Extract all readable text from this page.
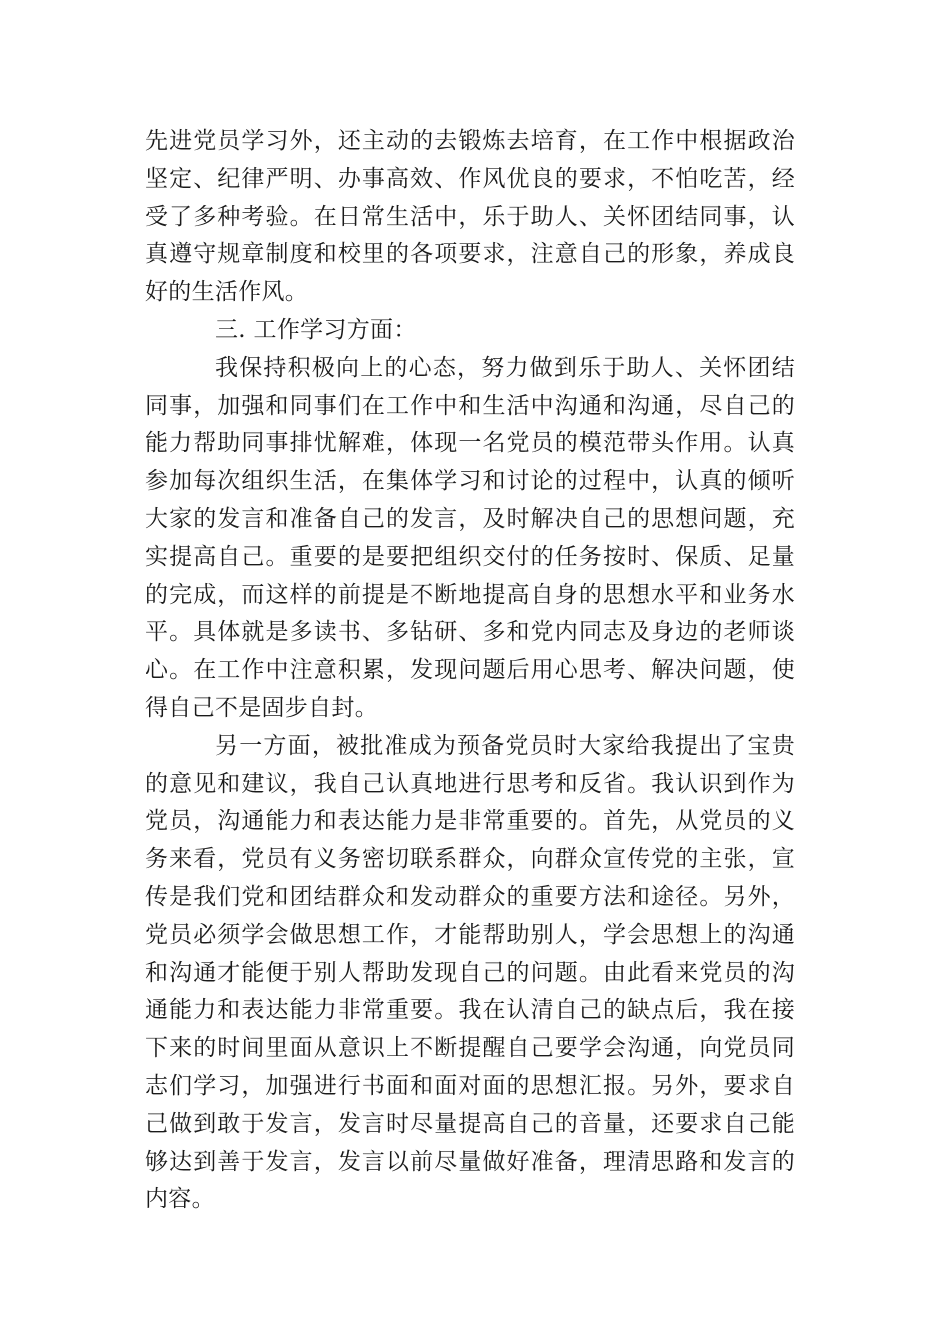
先进党员学习外，还主动的去锻炼去培育，在工作中根据政治坚定、纪律严明、办事高效、作风优良的要求，不怕吃苦，经受了多种考验。在日常生活中，乐于助人、关怀团结同事，认真遵守规章制度和校里的各项要求，注意自己的形象，养成良好的生活作风。

三. 工作学习方面：

我保持积极向上的心态，努力做到乐于助人、关怀团结同事，加强和同事们在工作中和生活中沟通和沟通，尽自己的能力帮助同事排忧解难，体现一名党员的模范带头作用。认真参加每次组织生活，在集体学习和讨论的过程中，认真的倾听大家的发言和准备自己的发言，及时解决自己的思想问题，充实提高自己。重要的是要把组织交付的任务按时、保质、足量的完成，而这样的前提是不断地提高自身的思想水平和业务水平。具体就是多读书、多钻研、多和党内同志及身边的老师谈心。在工作中注意积累，发现问题后用心思考、解决问题，使得自己不是固步自封。

另一方面，被批准成为预备党员时大家给我提出了宝贵的意见和建议，我自己认真地进行思考和反省。我认识到作为党员，沟通能力和表达能力是非常重要的。首先，从党员的义务来看，党员有义务密切联系群众，向群众宣传党的主张，宣传是我们党和团结群众和发动群众的重要方法和途径。另外，党员必须学会做思想工作，才能帮助别人，学会思想上的沟通和沟通才能便于别人帮助发现自己的问题。由此看来党员的沟通能力和表达能力非常重要。我在认清自己的缺点后，我在接下来的时间里面从意识上不断提醒自己要学会沟通，向党员同志们学习，加强进行书面和面对面的思想汇报。另外，要求自己做到敢于发言，发言时尽量提高自己的音量，还要求自己能够达到善于发言，发言以前尽量做好准备，理清思路和发言的内容。
